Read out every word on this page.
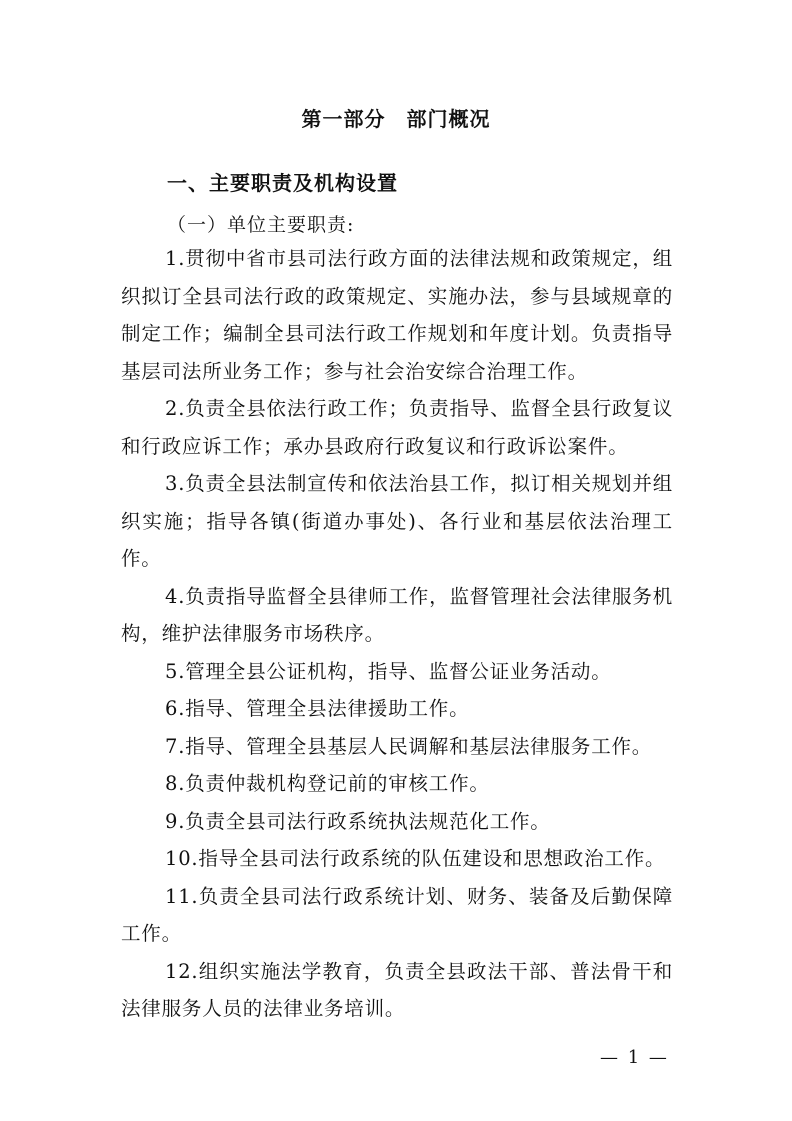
第一部分　部门概况
一、主要职责及机构设置
（一）单位主要职责:

1.贯彻中省市县司法行政方面的法律法规和政策规定，组织拟订全县司法行政的政策规定、实施办法，参与县域规章的制定工作；编制全县司法行政工作规划和年度计划。负责指导基层司法所业务工作；参与社会治安综合治理工作。

2.负责全县依法行政工作；负责指导、监督全县行政复议和行政应诉工作；承办县政府行政复议和行政诉讼案件。

3.负责全县法制宣传和依法治县工作，拟订相关规划并组织实施；指导各镇(街道办事处)、各行业和基层依法治理工作。

4.负责指导监督全县律师工作，监督管理社会法律服务机构，维护法律服务市场秩序。

5.管理全县公证机构，指导、监督公证业务活动。

6.指导、管理全县法律援助工作。

7.指导、管理全县基层人民调解和基层法律服务工作。

8.负责仲裁机构登记前的审核工作。

9.负责全县司法行政系统执法规范化工作。

10.指导全县司法行政系统的队伍建设和思想政治工作。

11.负责全县司法行政系统计划、财务、装备及后勤保障工作。

12.组织实施法学教育，负责全县政法干部、普法骨干和法律服务人员的法律业务培训。

— 1 —
